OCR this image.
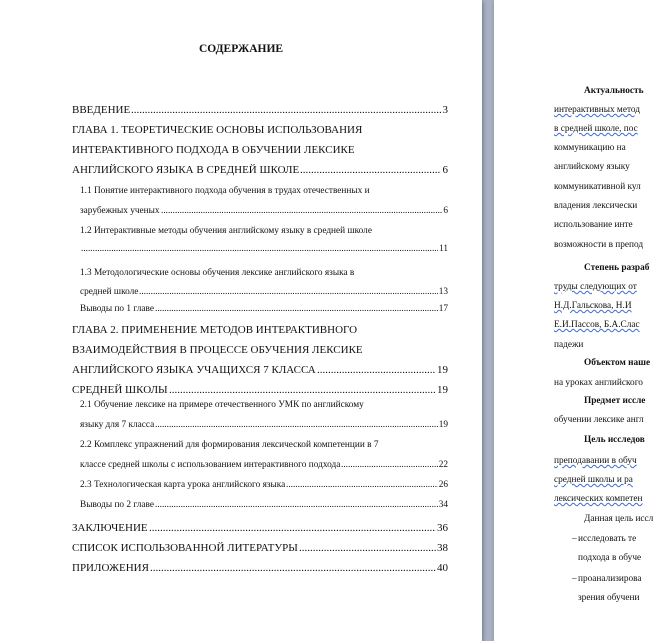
СОДЕРЖАНИЕ
ВВЕДЕНИЕ	3
.....
ГЛАВА 1. ТЕОРЕТИЧЕСКИЕ ОСНОВЫ ИСПОЛЬЗОВАНИЯ
ИНТЕРАКТИВНОГО ПОДХОДА В ОБУЧЕНИИ ЛЕКСИКЕ
АНГЛИЙСКОГО ЯЗЫКА В СРЕДНЕЙ ШКОЛЕ	6
.....
1.1 Понятие интерактивного подхода обучения в трудах отечественных и
зарубежных ученых	6
.....
1.2 Интерактивные методы обучения английскому языку в средней школе
11
.....
1.3 Методологические основы обучения лексике английского языка в
средней школе	13
.....
Выводы по 1 главе	17
.....
ГЛАВА 2. ПРИМЕНЕНИЕ МЕТОДОВ ИНТЕРАКТИВНОГО
ВЗАИМОДЕЙСТВИЯ В ПРОЦЕССЕ ОБУЧЕНИЯ ЛЕКСИКЕ
АНГЛИЙСКОГО ЯЗЫКА УЧАЩИХСЯ 7 КЛАССА	19
.....
СРЕДНЕЙ ШКОЛЫ	19
.....
2.1 Обучение лексике на примере отечественного УМК по английскому
языку для 7 класса	19
.....
2.2 Комплекс упражнений для формирования лексической компетенции в 7
классе средней школы с использованием интерактивного подхода	22
.....
2.3 Технологическая карта урока английского языка	26
.....
Выводы по 2 главе	34
.....
ЗАКЛЮЧЕНИЕ	36
.....
СПИСОК ИСПОЛЬЗОВАННОЙ ЛИТЕРАТУРЫ	38
.....
ПРИЛОЖЕНИЯ	40
.....
Актуальность
интерактивных метод
в средней школе, пос
коммуникацию на
английскому языку
коммуникативной кул
владения лексически
использование инте
возможности в препод
Степень разраб
труды следующих от
Н.Д.Гальскова, Н.И
Е.И.Пассов, Б.А.Слас
падежи
Объектом наше
на уроках английского
Предмет иссле
обучении лексике англ
Цель исследов
преподавании в обуч
средней школы и ра
лексических компетен
Данная цель иссл
исследовать те
подхода в обуче
проанализирова
зрения обучени
–
–
